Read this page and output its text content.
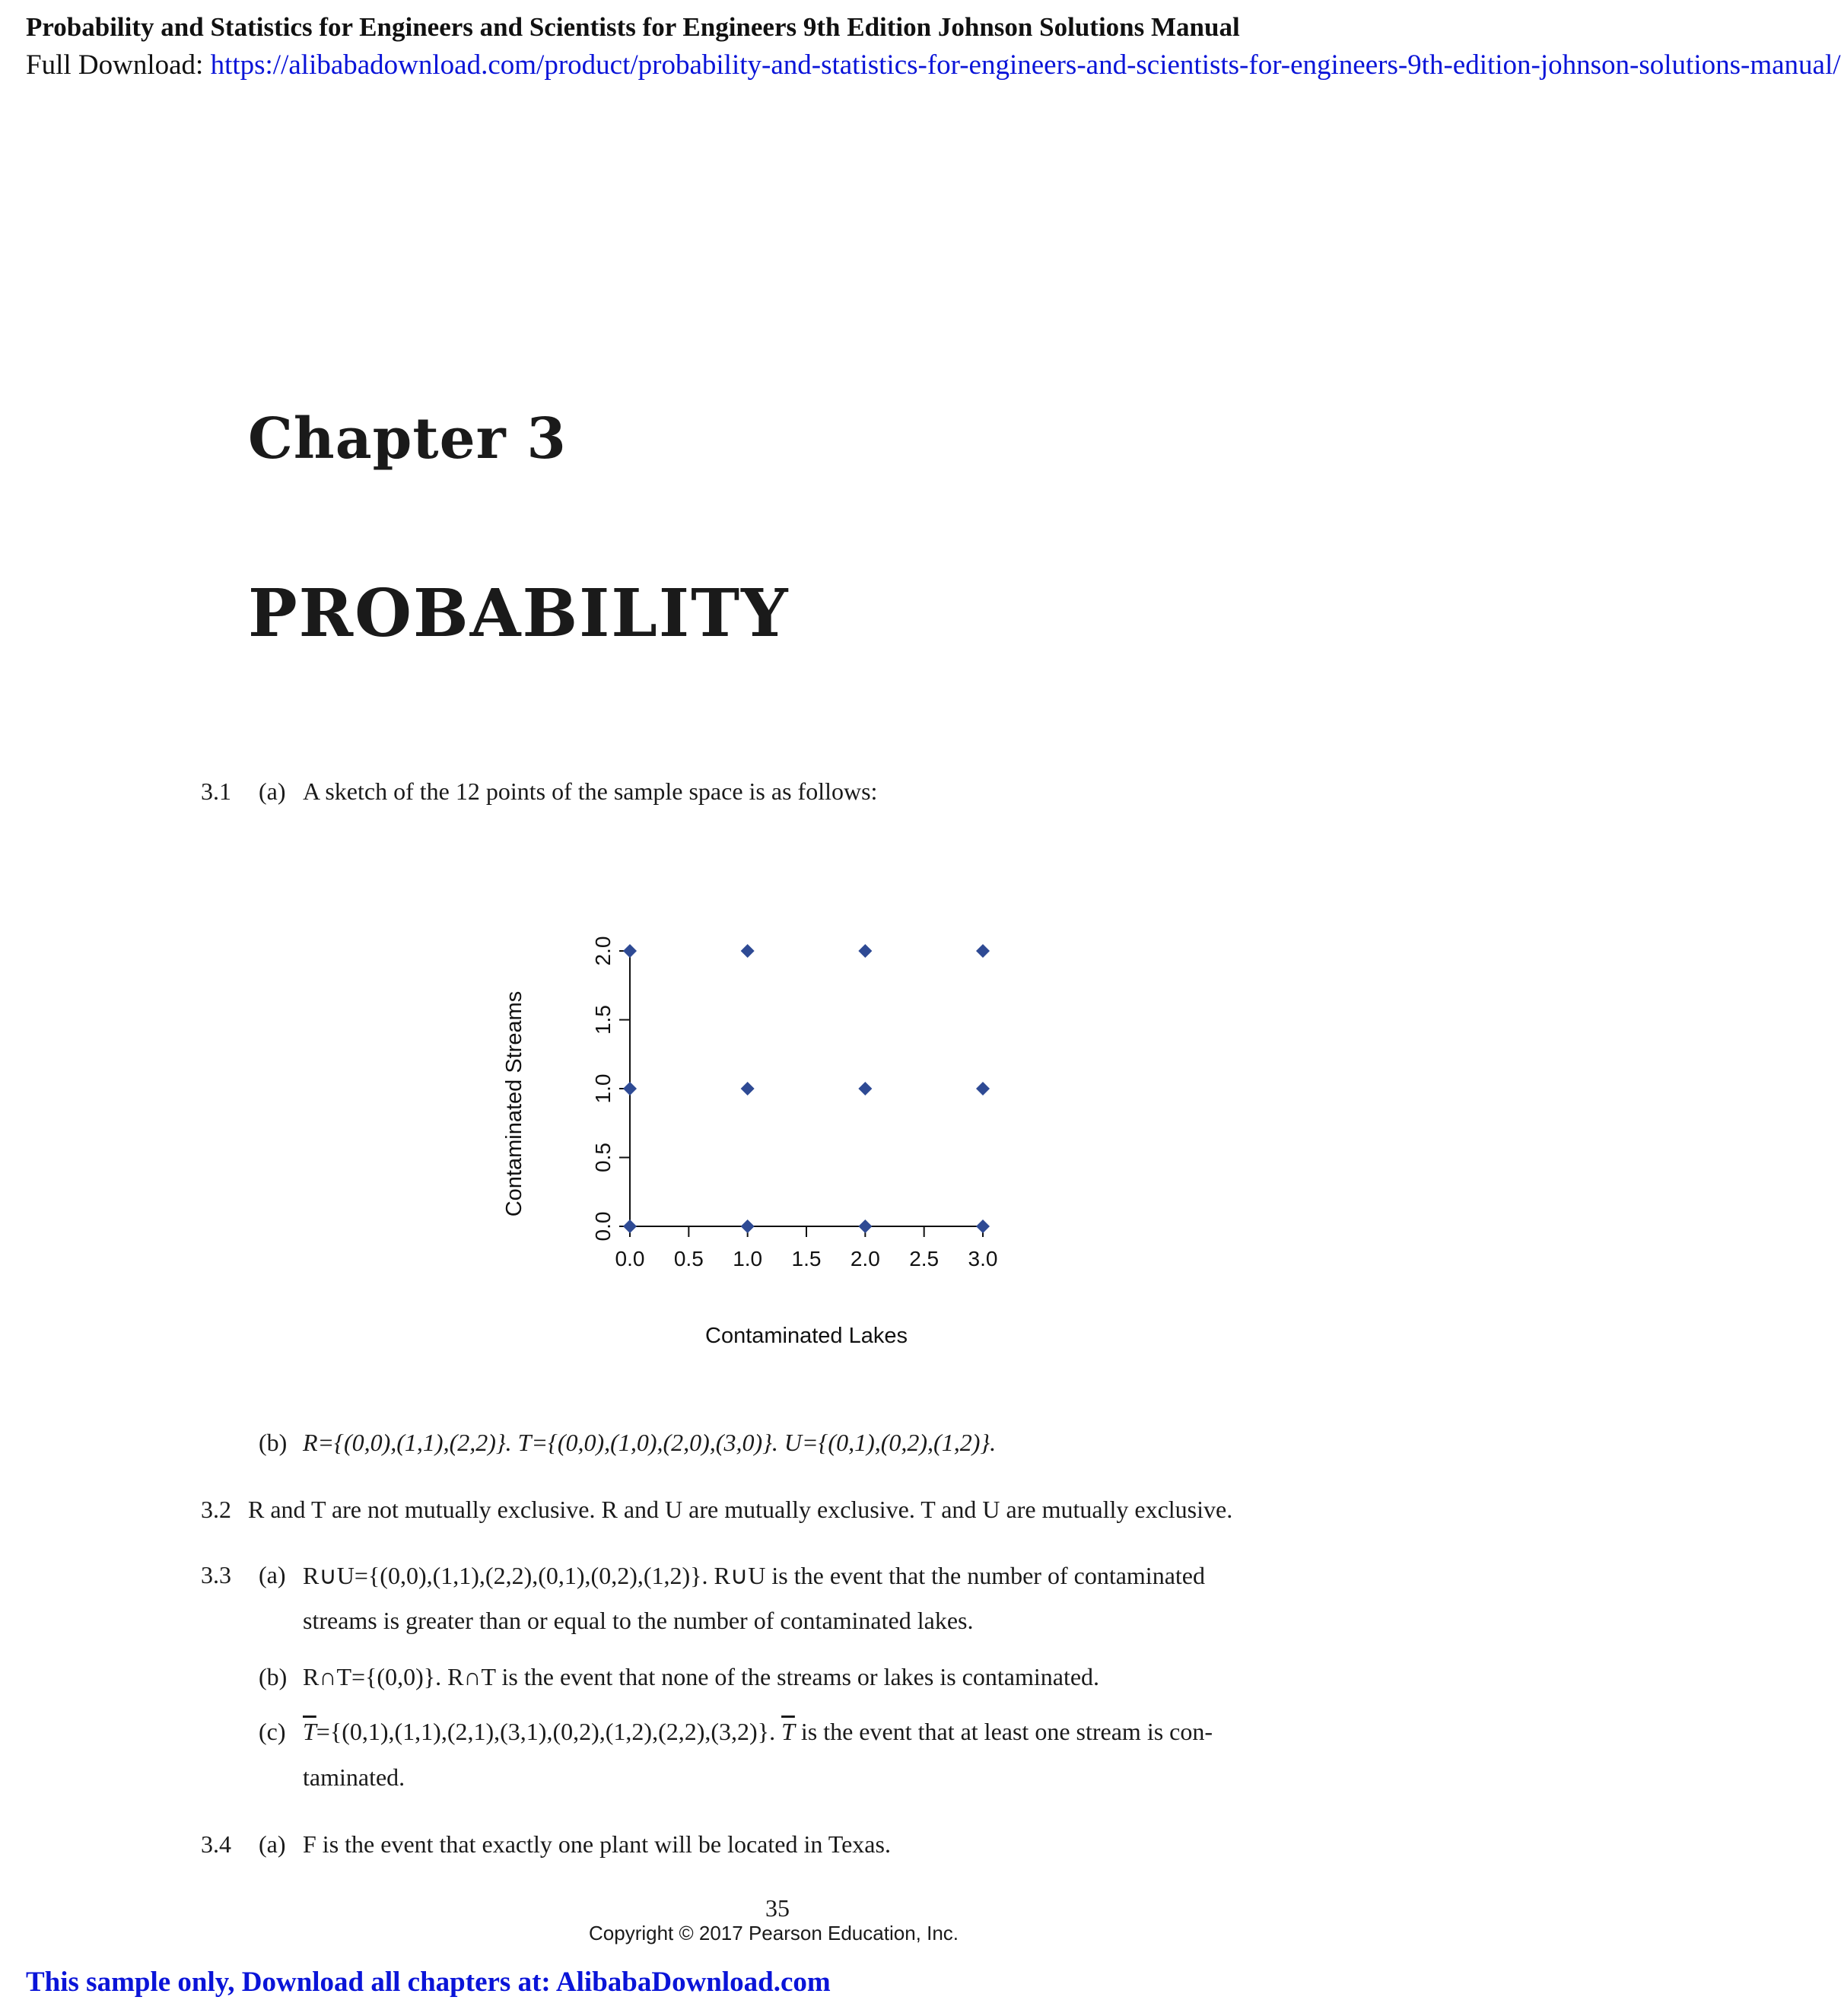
Probability and Statistics for Engineers and Scientists for Engineers 9th Edition Johnson Solutions Manual
Full Download: https://alibabadownload.com/product/probability-and-statistics-for-engineers-and-scientists-for-engineers-9th-edition-johnson-solutions-manual/
Chapter 3
PROBABILITY
3.1 (a) A sketch of the 12 points of the sample space is as follows:
0.0 0.5 1.0 1.5 2.0 2.5 3.0
0.0
0.5
1.0
1.5
2.0
Contaminated Lakes
Contaminated Streams
(b) R={(0,0),(1,1),(2,2)}. T={(0,0),(1,0),(2,0),(3,0)}. U={(0,1),(0,2),(1,2)}.
3.2 R and T are not mutually exclusive. R and U are mutually exclusive. T and U are mutually exclusive.
3.3 (a) R∪U={(0,0),(1,1),(2,2),(0,1),(0,2),(1,2)}. R∪U is the event that the number of contaminated
streams is greater than or equal to the number of contaminated lakes.
(b) R∩T={(0,0)}. R∩T is the event that none of the streams or lakes is contaminated.
(c) $\overline{T}=\{(0,1),(1,1),(2,1),(3,1),(0,2),(1,2),(2,2),(3,2)\}$. $\overline{T}$ is the event that at least one stream is con-
taminated.
3.4 (a) F is the event that exactly one plant will be located in Texas.
35
Copyright © 2017 Pearson Education, Inc.
This sample only, Download all chapters at: AlibabaDownload.com
